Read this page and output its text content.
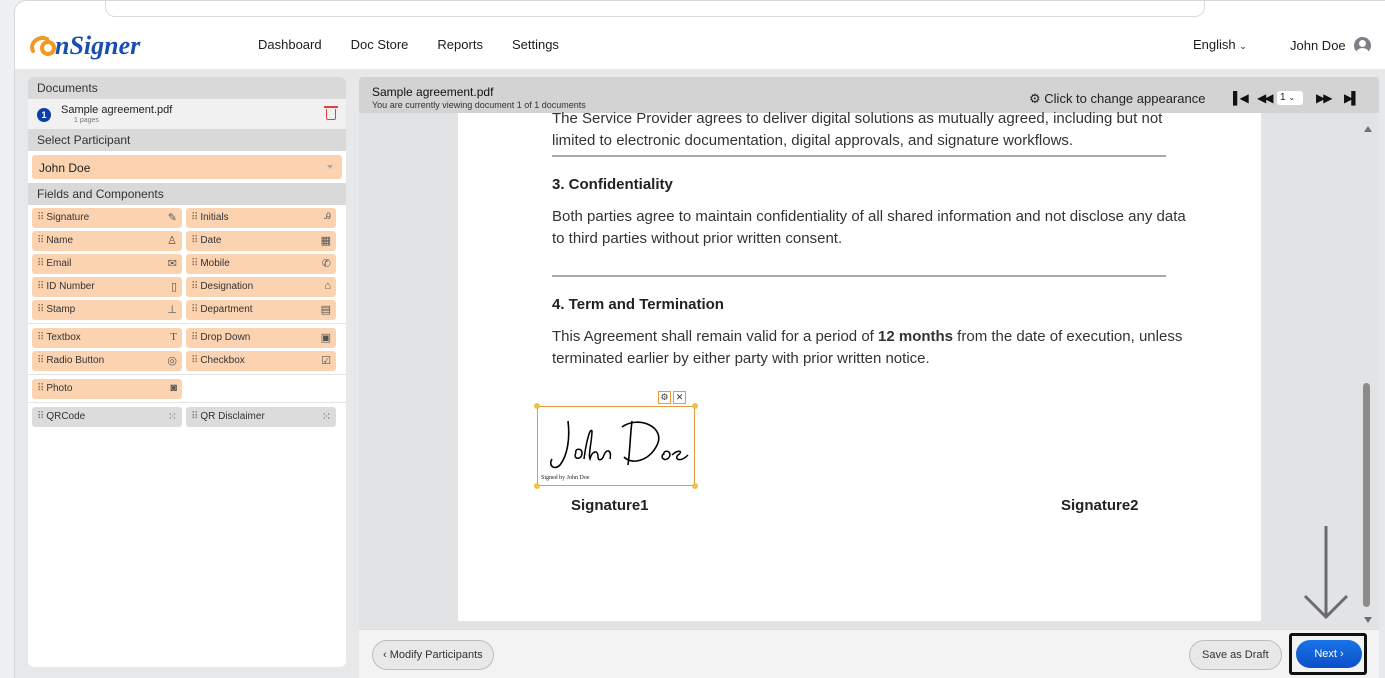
nSigner	Dashboard Doc Store Reports Settings	English ⌄	John Doe
Documents
1	Sample agreement.pdf
1 pages
Select Participant
John Doe
Fields and Components
⠿ Signature	✎	⠿ Initials	Ꭿ
⠿ Name	♙	⠿ Date	▦
⠿ Email	✉	⠿ Mobile	✆
⠿ ID Number	▯	⠿ Designation	⌂
⠿ Stamp	⊥	⠿ Department	▤
⠿ Textbox	T	⠿ Drop Down	▣
⠿ Radio Button	◎	⠿ Checkbox	☑
⠿ Photo	◙
⠿ QRCode	⁙	⠿ QR Disclaimer	⁙
Sample agreement.pdf
You are currently viewing document 1 of 1 documents	⚙ Click to change appearance ▌◀ ◀◀ 1 ⌄	▶▶ ▶▌
The Service Provider agrees to deliver digital solutions as mutually agreed, including but not limited to electronic documentation, digital approvals, and signature workflows.
3. Confidentiality
Both parties agree to maintain confidentiality of all shared information and not disclose any data to third parties without prior written consent.
4. Term and Termination
This Agreement shall remain valid for a period of 12 months from the date of execution, unless terminated earlier by either party with prior written notice.
⚙ ✕
Signed by John Doe
Signature1	Signature2
‹ Modify Participants	Save as Draft	Next ›
